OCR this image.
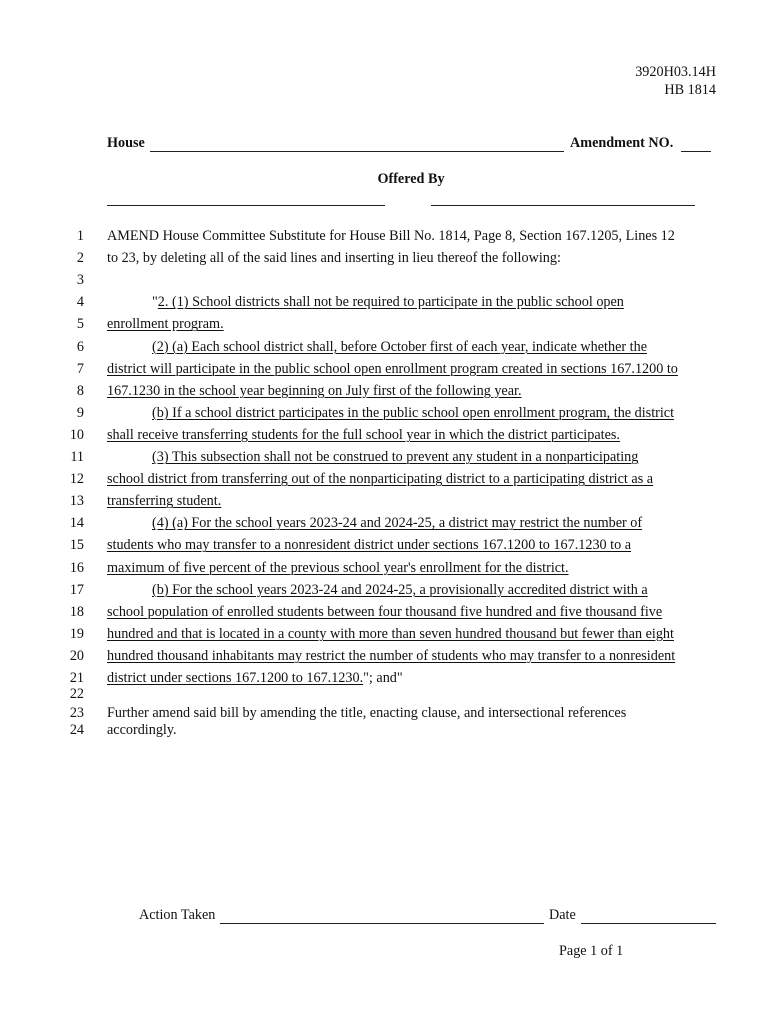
3920H03.14H
HB 1814
House	Amendment NO.
Offered By
1 AMEND House Committee Substitute for House Bill No. 1814, Page 8, Section 167.1205, Lines 12
2 to 23, by deleting all of the said lines and inserting in lieu thereof the following:
3
4	"2. (1) School districts shall not be required to participate in the public school open
5 enrollment program.
6	(2) (a) Each school district shall, before October first of each year, indicate whether the
7 district will participate in the public school open enrollment program created in sections 167.1200 to
8 167.1230 in the school year beginning on July first of the following year.
9	(b) If a school district participates in the public school open enrollment program, the district
10 shall receive transferring students for the full school year in which the district participates.
11	(3) This subsection shall not be construed to prevent any student in a nonparticipating
12 school district from transferring out of the nonparticipating district to a participating district as a
13 transferring student.
14	(4) (a) For the school years 2023-24 and 2024-25, a district may restrict the number of
15 students who may transfer to a nonresident district under sections 167.1200 to 167.1230 to a
16 maximum of five percent of the previous school year's enrollment for the district.
17	(b) For the school years 2023-24 and 2024-25, a provisionally accredited district with a
18 school population of enrolled students between four thousand five hundred and five thousand five
19 hundred and that is located in a county with more than seven hundred thousand but fewer than eight
20 hundred thousand inhabitants may restrict the number of students who may transfer to a nonresident
21 district under sections 167.1200 to 167.1230."; and"
22
23 Further amend said bill by amending the title, enacting clause, and intersectional references
24 accordingly.
Action Taken	Date
Page 1 of 1
